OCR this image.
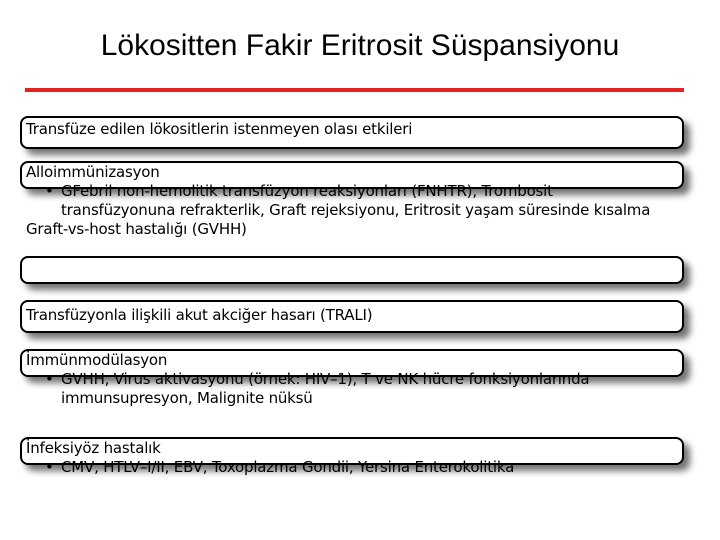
Lökositten Fakir Eritrosit Süspansiyonu
Transfüze edilen lökositlerin istenmeyen olası etkileri
Alloimmünizasyon
• GFebril non-hemolitik transfüzyon reaksiyonları (FNHTR), Trombosit transfüzyonuna refrakterlik, Graft rejeksiyonu, Eritrosit yaşam süresinde kısalma
Graft-vs-host hastalığı (GVHH)
Transfüzyonla ilişkili akut akciğer hasarı (TRALI)
İmmünmodülasyon
• GVHH, Virus aktivasyonu (örnek: HIV–1), T ve NK hücre fonksiyonlarında immunsupresyon, Malignite nüksü
İnfeksiyöz hastalık
• CMV, HTLV–I/II, EBV, Toxoplazma Gondii, Yersina Enterokolitika
